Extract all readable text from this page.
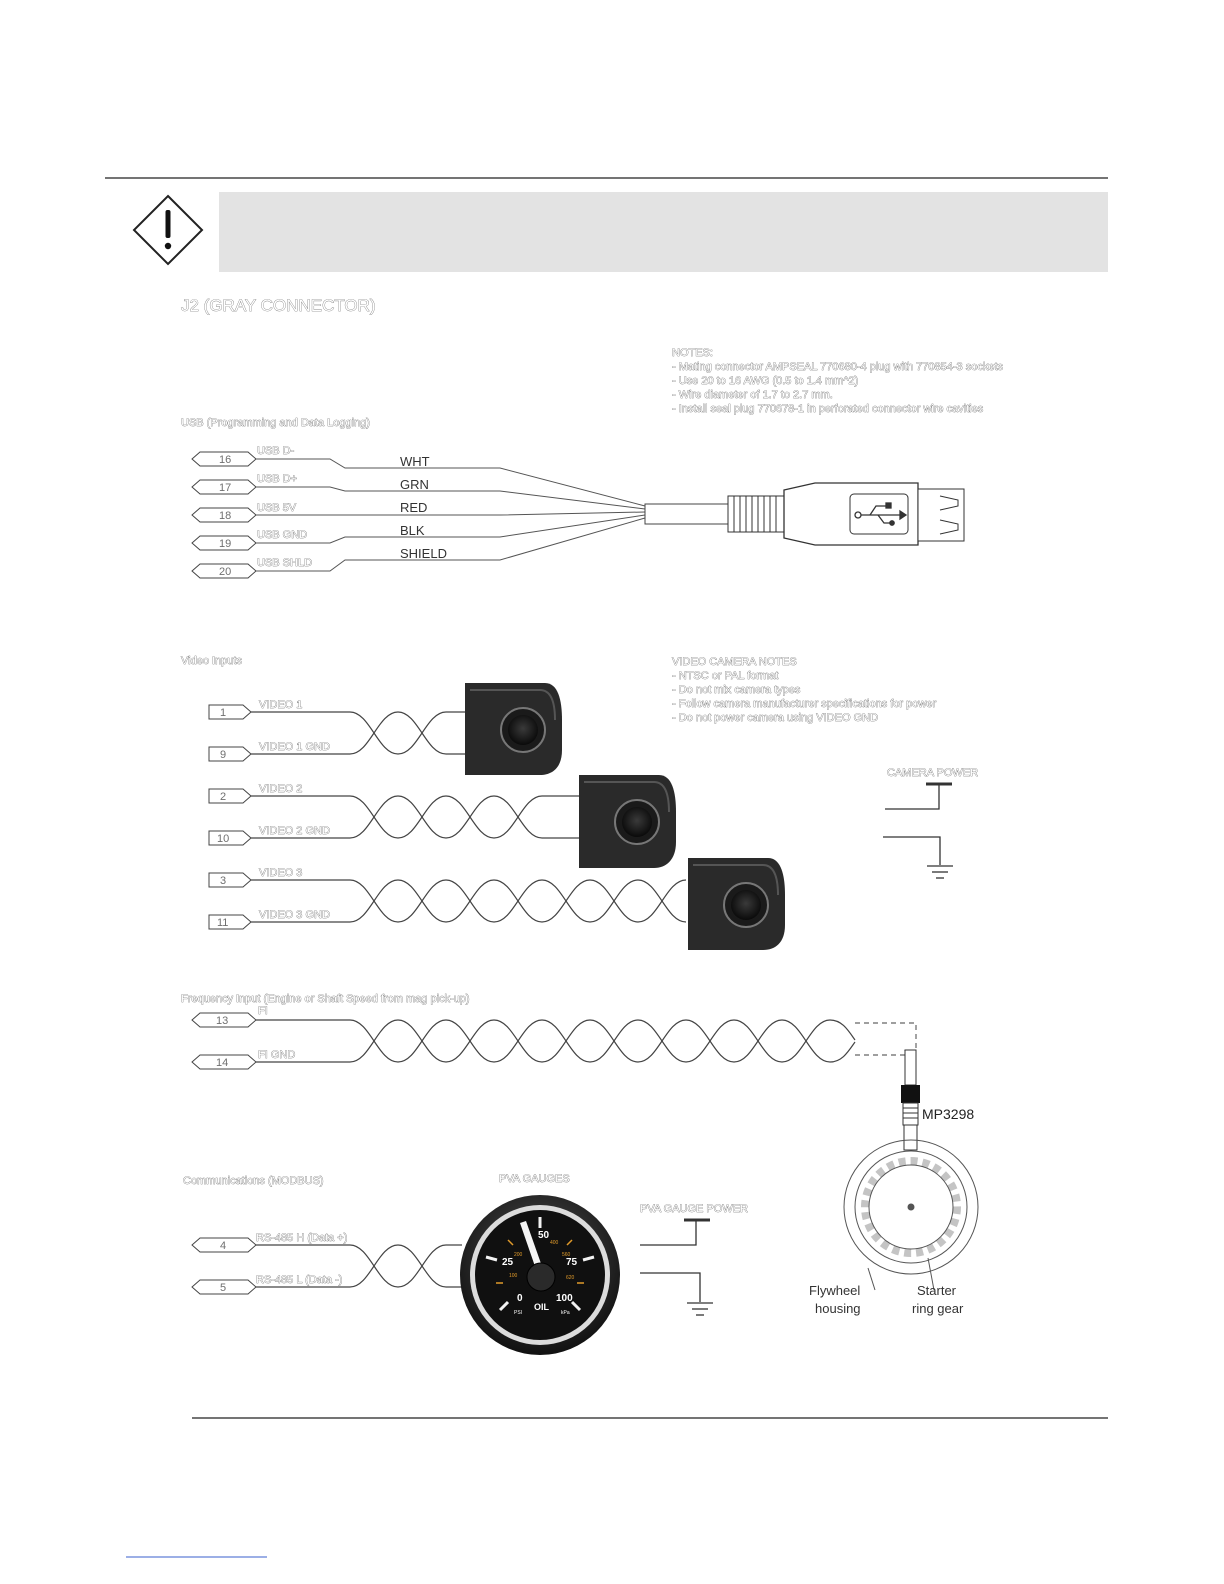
J2 (GRAY CONNECTOR)
NOTES:
- Mating connector AMPSEAL 770680-4 plug with 770854-3 sockets
- Use 20 to 16 AWG (0.5 to 1.4 mm^2)
- Wire diameter of 1.7 to 2.7 mm.
- Install seal plug 770678-1 in perforated connector wire cavities
USB (Programming and Data Logging)
16
USB D-
17
USB D+
18
USB 5V
19
USB GND
20
USB SHLD
WHT
GRN
RED
BLK
SHIELD
Video Inputs	VIDEO CAMERA NOTES
- NTSC or PAL format
- Do not mix camera types
- Follow camera manufacturer specifications for power
- Do not power camera using VIDEO GND
1
VIDEO 1
9
VIDEO 1 GND
2
VIDEO 2
10
VIDEO 2 GND
3
VIDEO 3
11
VIDEO 3 GND
CAMERA POWER
Frequency Input (Engine or Shaft Speed from mag pick-up)
13
FI
14
FI GND
MP3298
Flywheel
housing
Starter
ring gear
Communications (MODBUS)	PVA GAUGES
PVA GAUGE POWER
4
RS-485 H (Data +)
5
RS-485 L (Data -)
0
25
50
75
100
100
200
400
560
620
OIL
PSI	kPa
